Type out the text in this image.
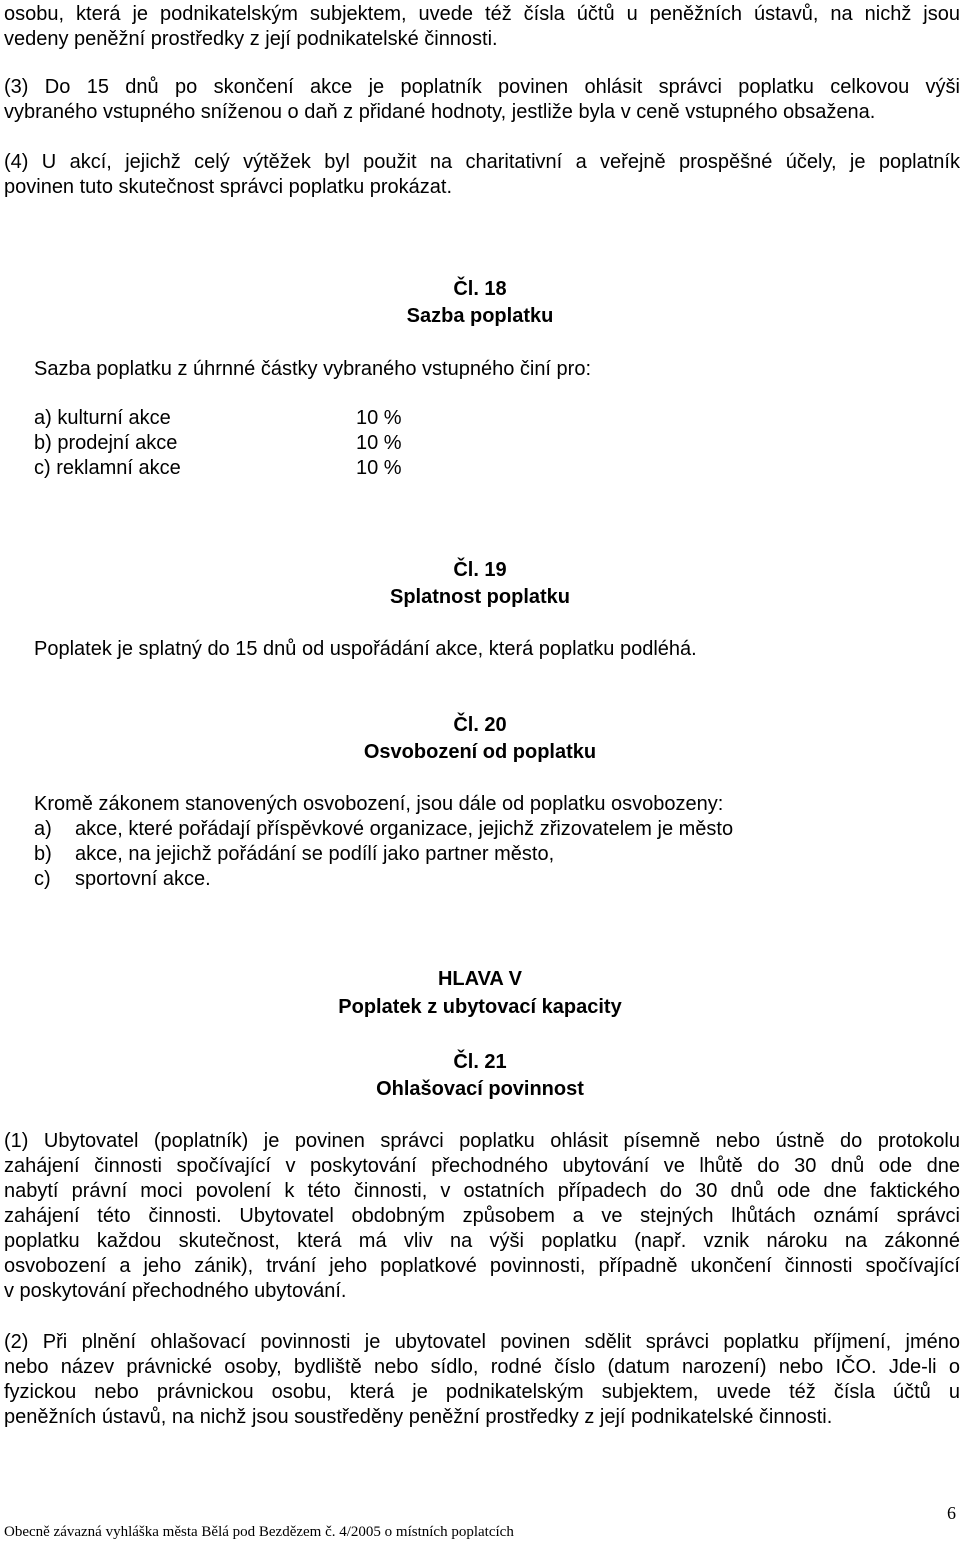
osobu, která je podnikatelským subjektem, uvede též čísla účtů u peněžních ústavů, na nichž jsou
vedeny peněžní prostředky z její podnikatelské činnosti.
(3) Do 15 dnů po skončení akce je poplatník povinen ohlásit správci poplatku celkovou výši
vybraného vstupného sníženou o daň z přidané hodnoty, jestliže byla v ceně vstupného obsažena.
(4) U akcí, jejichž celý výtěžek byl použit na charitativní a veřejně prospěšné účely, je poplatník
povinen tuto skutečnost správci poplatku prokázat.
Čl. 18
Sazba poplatku
Sazba poplatku z úhrnné částky vybraného vstupného činí pro:
a) kulturní akce	10 %
b) prodejní akce	10 %
c) reklamní akce	10 %
Čl. 19
Splatnost poplatku
Poplatek je splatný do 15 dnů od uspořádání akce, která poplatku podléhá.
Čl. 20
Osvobození od poplatku
Kromě zákonem stanovených osvobození, jsou dále od poplatku osvobozeny:
a) akce, které pořádají příspěvkové organizace, jejichž zřizovatelem je město
b) akce, na jejichž pořádání se podílí jako partner město,
c) sportovní akce.
HLAVA V
Poplatek z ubytovací kapacity
Čl. 21
Ohlašovací povinnost
(1) Ubytovatel (poplatník) je povinen správci poplatku ohlásit písemně nebo ústně do protokolu
zahájení činnosti spočívající v poskytování přechodného ubytování ve lhůtě do 30 dnů ode dne
nabytí právní moci povolení k této činnosti, v ostatních případech do 30 dnů ode dne faktického
zahájení této činnosti. Ubytovatel obdobným způsobem a ve stejných lhůtách oznámí správci
poplatku každou skutečnost, která má vliv na výši poplatku (např. vznik nároku na zákonné
osvobození a jeho zánik), trvání jeho poplatkové povinnosti, případně ukončení činnosti spočívající
v poskytování přechodného ubytování.
(2) Při plnění ohlašovací povinnosti je ubytovatel povinen sdělit správci poplatku příjmení, jméno
nebo název právnické osoby, bydliště nebo sídlo, rodné číslo (datum narození) nebo IČO. Jde-li o
fyzickou nebo právnickou osobu, která je podnikatelským subjektem, uvede též čísla účtů u
peněžních ústavů, na nichž jsou soustředěny peněžní prostředky z její podnikatelské činnosti.
6
Obecně závazná vyhláška města Bělá pod Bezdězem č. 4/2005 o místních poplatcích
